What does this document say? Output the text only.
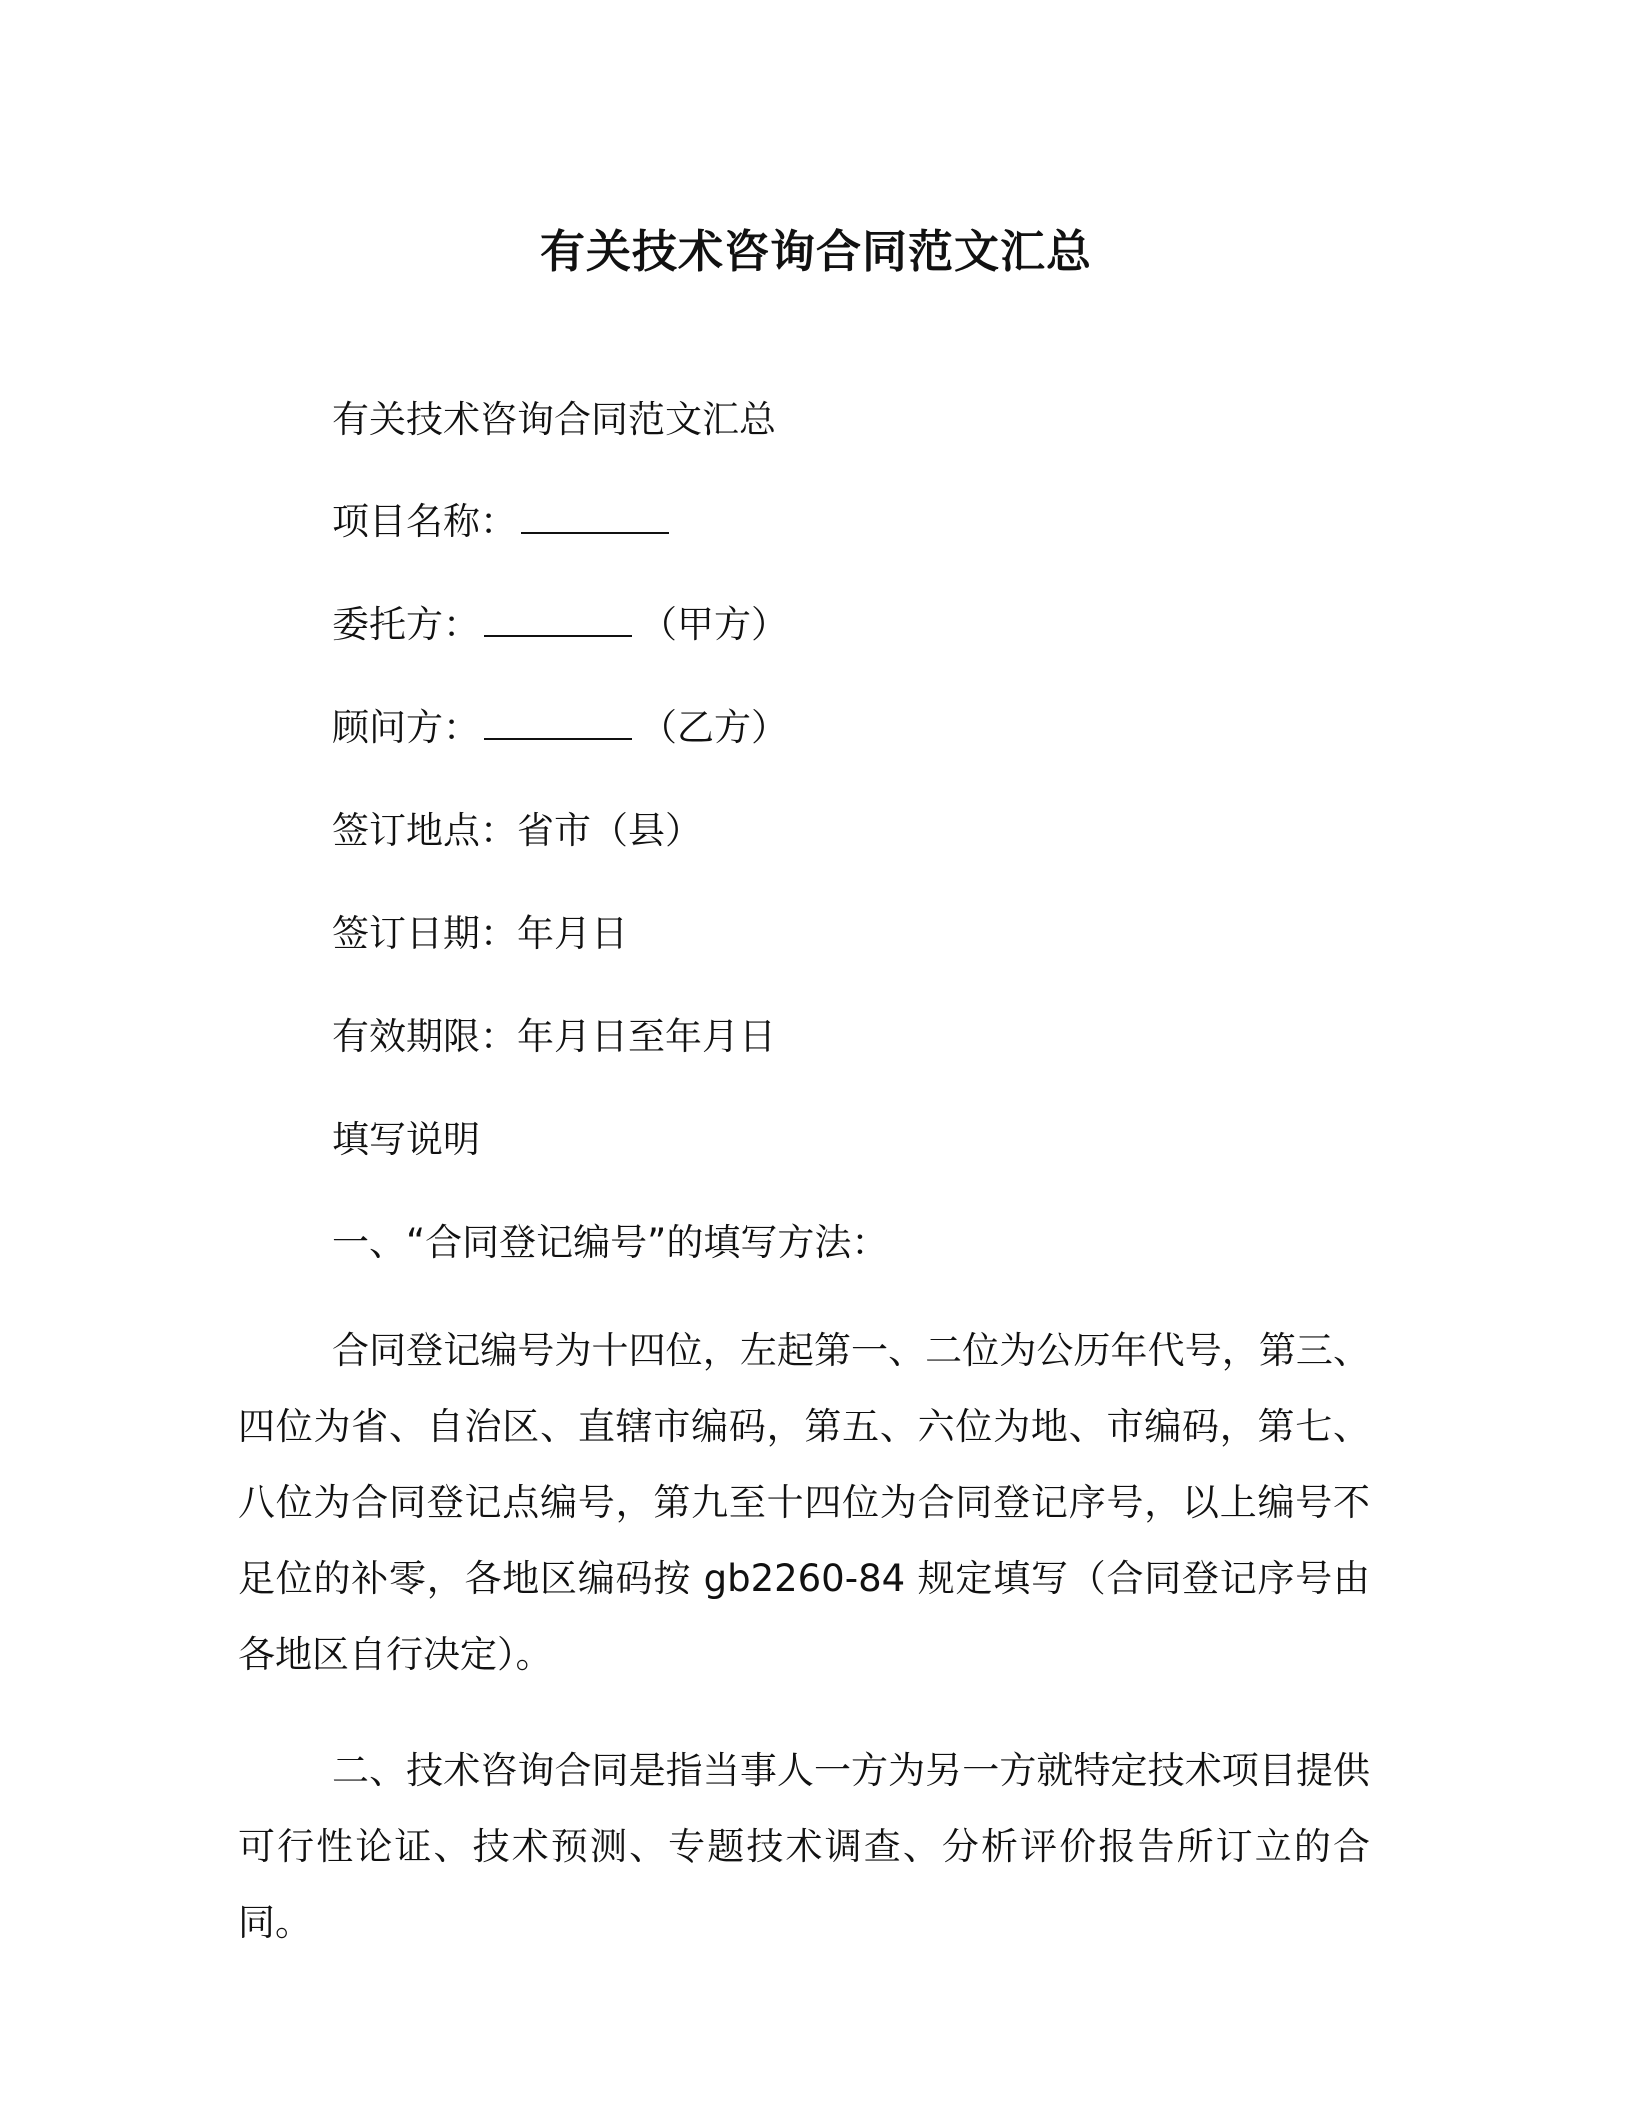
有关技术咨询合同范文汇总
有关技术咨询合同范文汇总
项目名称：
委托方：	（甲方）
顾问方：	（乙方）
签订地点：省市（县）
签订日期：年月日
有效期限：年月日至年月日
填写说明
一、“合同登记编号”的填写方法：
合同登记编号为十四位，左起第一、二位为公历年代号，第三、四位为省、自治区、直辖市编码，第五、六位为地、市编码，第七、八位为合同登记点编号，第九至十四位为合同登记序号，以上编号不足位的补零，各地区编码按 gb2260-84 规定填写（合同登记序号由各地区自行决定）。
二、技术咨询合同是指当事人一方为另一方就特定技术项目提供可行性论证、技术预测、专题技术调查、分析评价报告所订立的合同。
